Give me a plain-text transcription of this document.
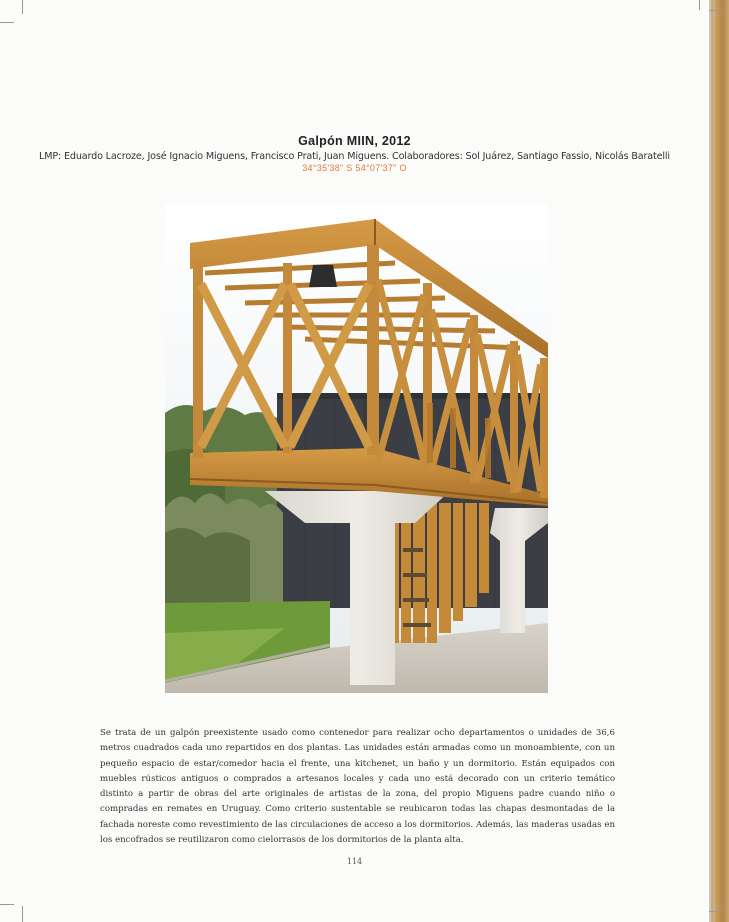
Galpón MIIN, 2012
LMP: Eduardo Lacroze, José Ignacio Miguens, Francisco Prati, Juan Miguens. Colaboradores: Sol Juárez, Santiago Fassio, Nicolás Baratelli
34°35'38" S 54°07'37" O

Se trata de un galpón preexistente usado como contenedor para realizar ocho departamentos o unidades de 36,6 metros cuadrados cada uno repartidos en dos plantas. Las unidades están armadas como un monoambiente, con un pequeño espacio de estar/comedor hacia el frente, una kitchenet, un baño y un dormitorio. Están equipados con muebles rústicos antiguos o comprados a artesanos locales y cada uno está decorado con un criterio temático distinto a partir de obras del arte originales de artistas de la zona, del propio Miguens padre cuando niño o compradas en remates en Uruguay. Como criterio sustentable se reubicaron todas las chapas desmontadas de la fachada noreste como revestimiento de las circulaciones de acceso a los dormitorios. Además, las maderas usadas en los encofrados se reutilizaron como cielorrasos de los dormitorios de la planta alta.

114
